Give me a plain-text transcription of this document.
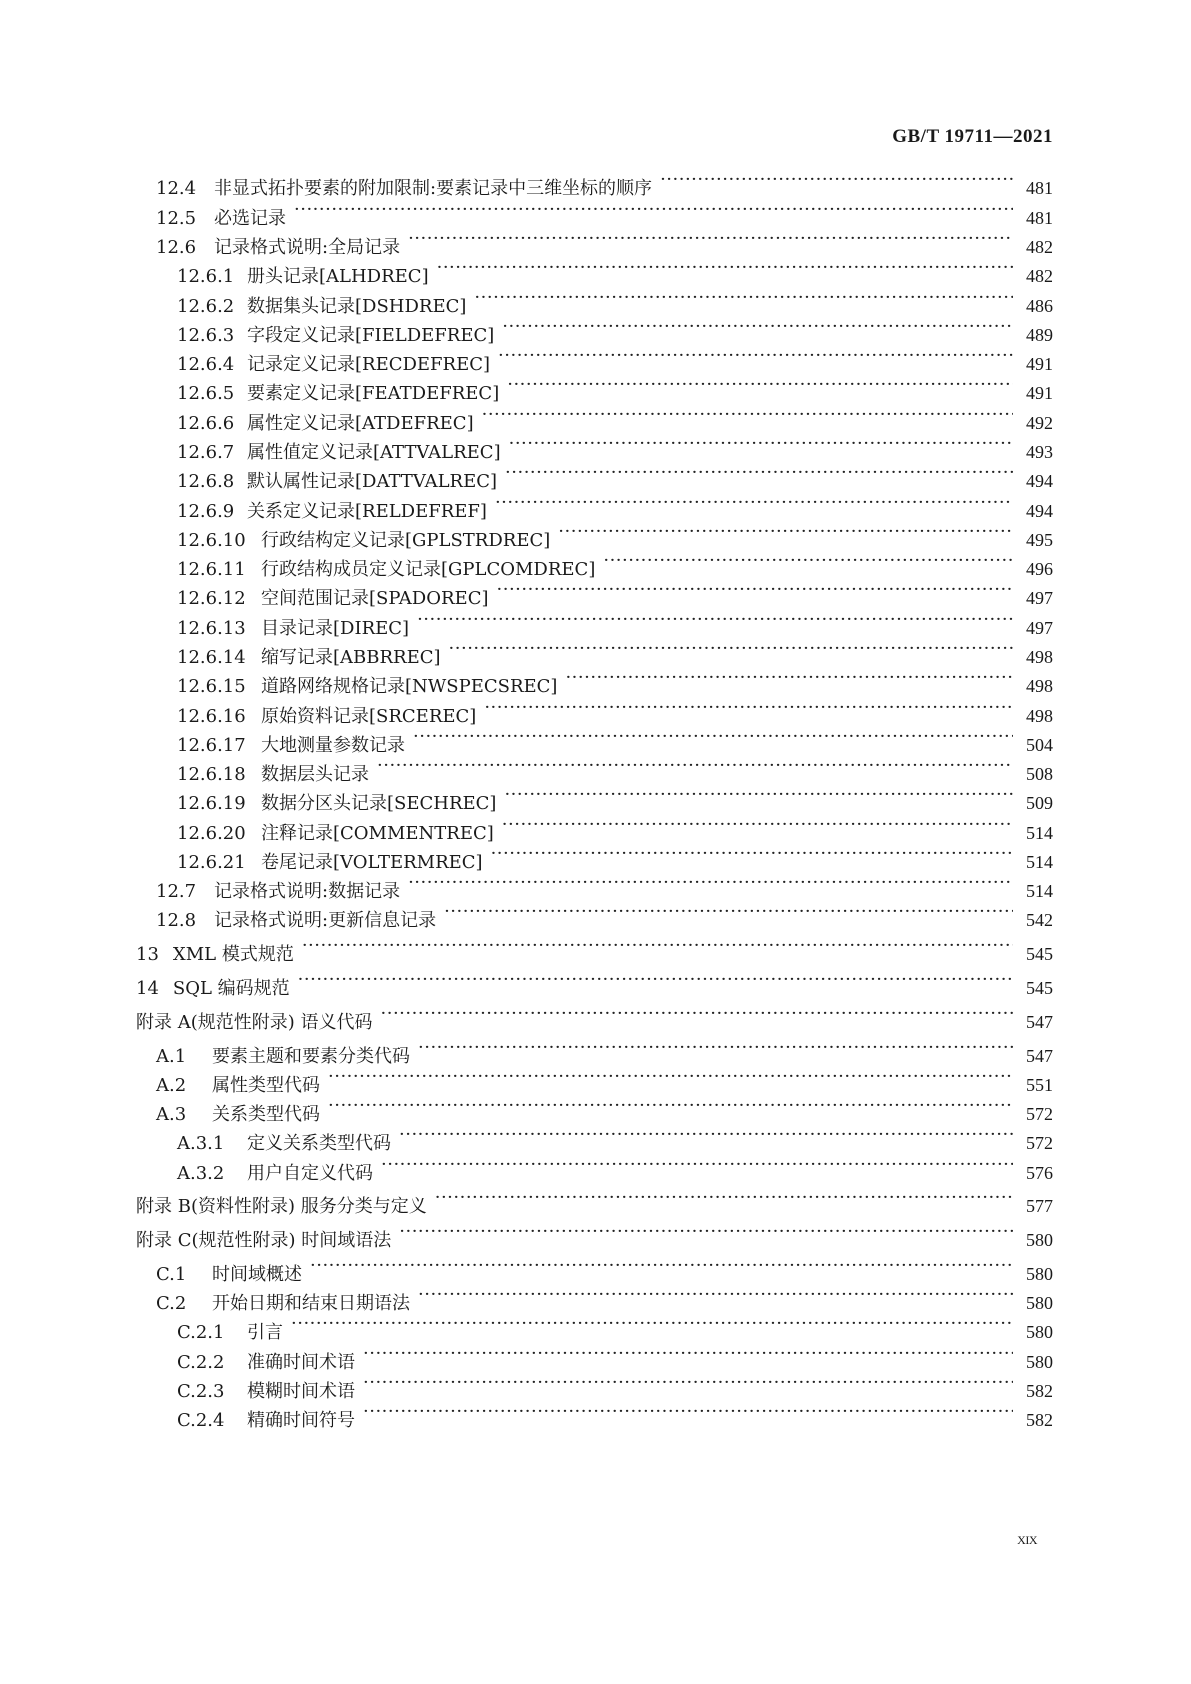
GB/T 19711—2021
12.4 非显式拓扑要素的附加限制:要素记录中三维坐标的顺序 ·····	481
12.5 必选记录 ·····	481
12.6 记录格式说明:全局记录 ·····	482
12.6.1 册头记录[ALHDREC] ·····	482
12.6.2 数据集头记录[DSHDREC] ·····	486
12.6.3 字段定义记录[FIELDEFREC] ·····	489
12.6.4 记录定义记录[RECDEFREC] ·····	491
12.6.5 要素定义记录[FEATDEFREC] ·····	491
12.6.6 属性定义记录[ATDEFREC] ·····	492
12.6.7 属性值定义记录[ATTVALREC] ·····	493
12.6.8 默认属性记录[DATTVALREC] ·····	494
12.6.9 关系定义记录[RELDEFREF] ·····	494
12.6.10 行政结构定义记录[GPLSTRDREC] ·····	495
12.6.11 行政结构成员定义记录[GPLCOMDREC] ·····	496
12.6.12 空间范围记录[SPADOREC] ·····	497
12.6.13 目录记录[DIREC] ·····	497
12.6.14 缩写记录[ABBRREC] ·····	498
12.6.15 道路网络规格记录[NWSPECSREC] ·····	498
12.6.16 原始资料记录[SRCEREC] ·····	498
12.6.17 大地测量参数记录 ·····	504
12.6.18 数据层头记录 ·····	508
12.6.19 数据分区头记录[SECHREC] ·····	509
12.6.20 注释记录[COMMENTREC] ·····	514
12.6.21 卷尾记录[VOLTERMREC] ·····	514
12.7 记录格式说明:数据记录 ·····	514
12.8 记录格式说明:更新信息记录 ·····	542
13 XML 模式规范 ·····	545
14 SQL 编码规范 ·····	545
附录 A (规范性附录) 语义代码 ·····	547
A.1	要素主题和要素分类代码 ·····	547
A.2	属性类型代码 ·····	551
A.3	关系类型代码 ·····	572
A.3.1	定义关系类型代码 ·····	572
A.3.2	用户自定义代码 ·····	576
附录 B (资料性附录) 服务分类与定义 ·····	577
附录 C (规范性附录) 时间域语法 ·····	580
C.1	时间域概述 ·····	580
C.2	开始日期和结束日期语法 ·····	580
C.2.1	引言 ·····	580
C.2.2	准确时间术语 ·····	580
C.2.3	模糊时间术语 ·····	582
C.2.4	精确时间符号 ·····	582
XIX
